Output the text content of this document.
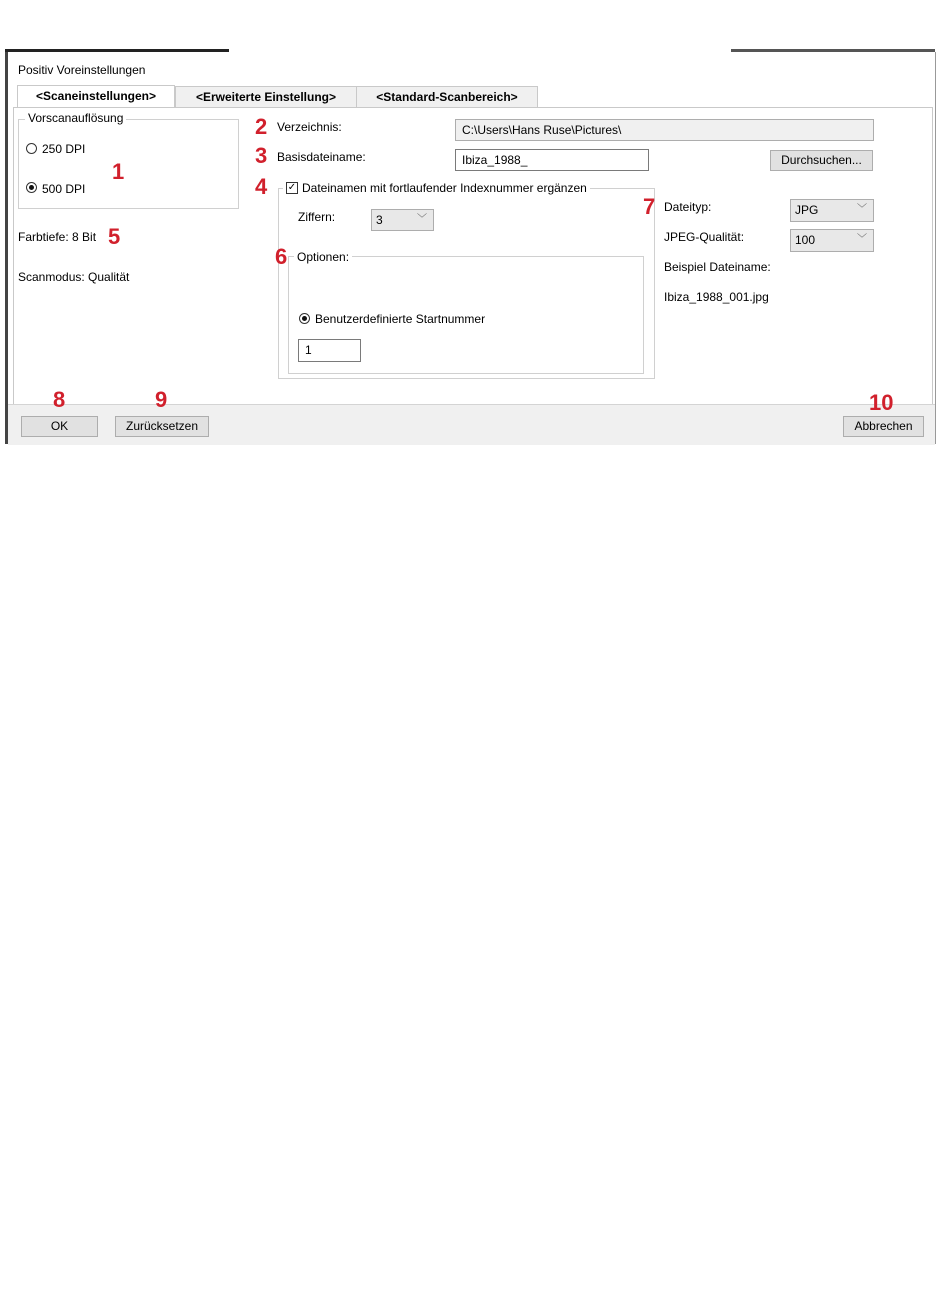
Positiv Voreinstellungen
<Scaneinstellungen>	<Erweiterte Einstellung>	<Standard-Scanbereich>
Vorscanauflösung
250 DPI
500 DPI
Farbtiefe: 8 Bit
Scanmodus: Qualität
Verzeichnis:	C:\Users\Hans Ruse\Pictures\
Basisdateiname:	Ibiza_1988_	Durchsuchen...
✓ Dateinamen mit fortlaufender Indexnummer ergänzen
Ziffern:	3	﹀
Optionen:
Benutzerdefinierte Startnummer
1
Dateityp:	JPG	﹀
JPEG-Qualität:	100	﹀
Beispiel Dateiname:
Ibiza_1988_001.jpg
OK	Zurücksetzen	Abbrechen
1
2
3
4
5
6
7
8	9	10
